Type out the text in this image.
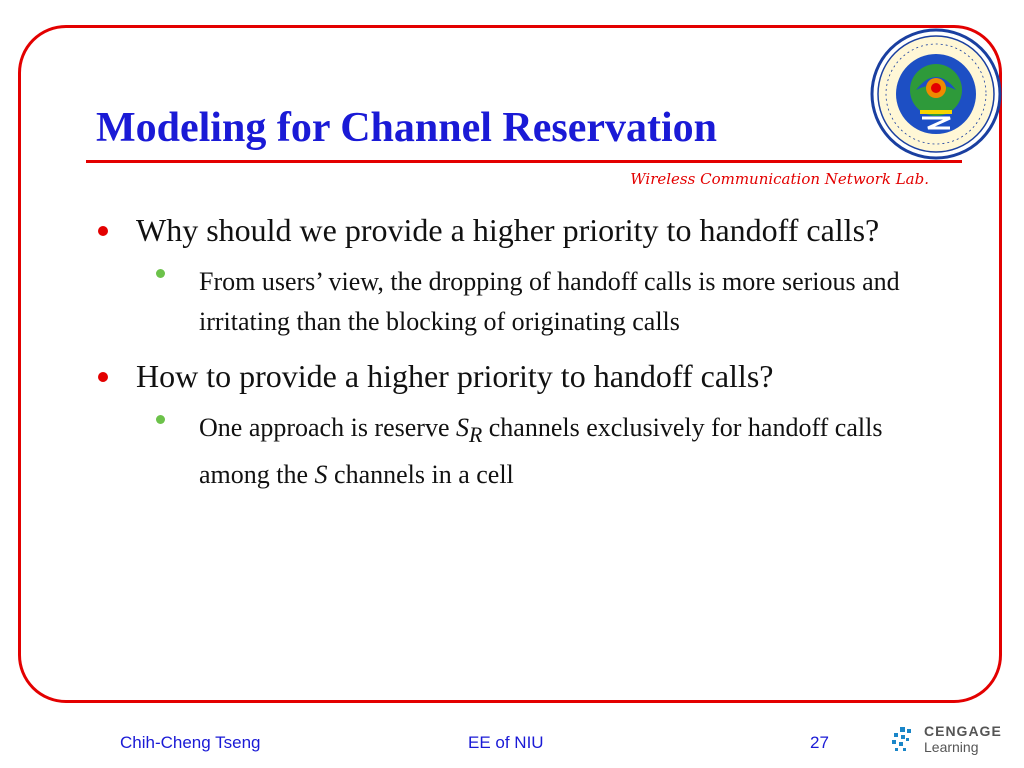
Modeling for Channel Reservation
Wireless Communication Network Lab.
Why should we provide a higher priority to handoff calls?
From users’ view, the dropping of handoff calls is more serious and irritating than the blocking of originating calls
How to provide a higher priority to handoff calls?
One approach is reserve $S_R$ channels exclusively for handoff calls among the S channels in a cell
Chih-Cheng Tseng	EE of NIU	27
CENGAGE
Learning
